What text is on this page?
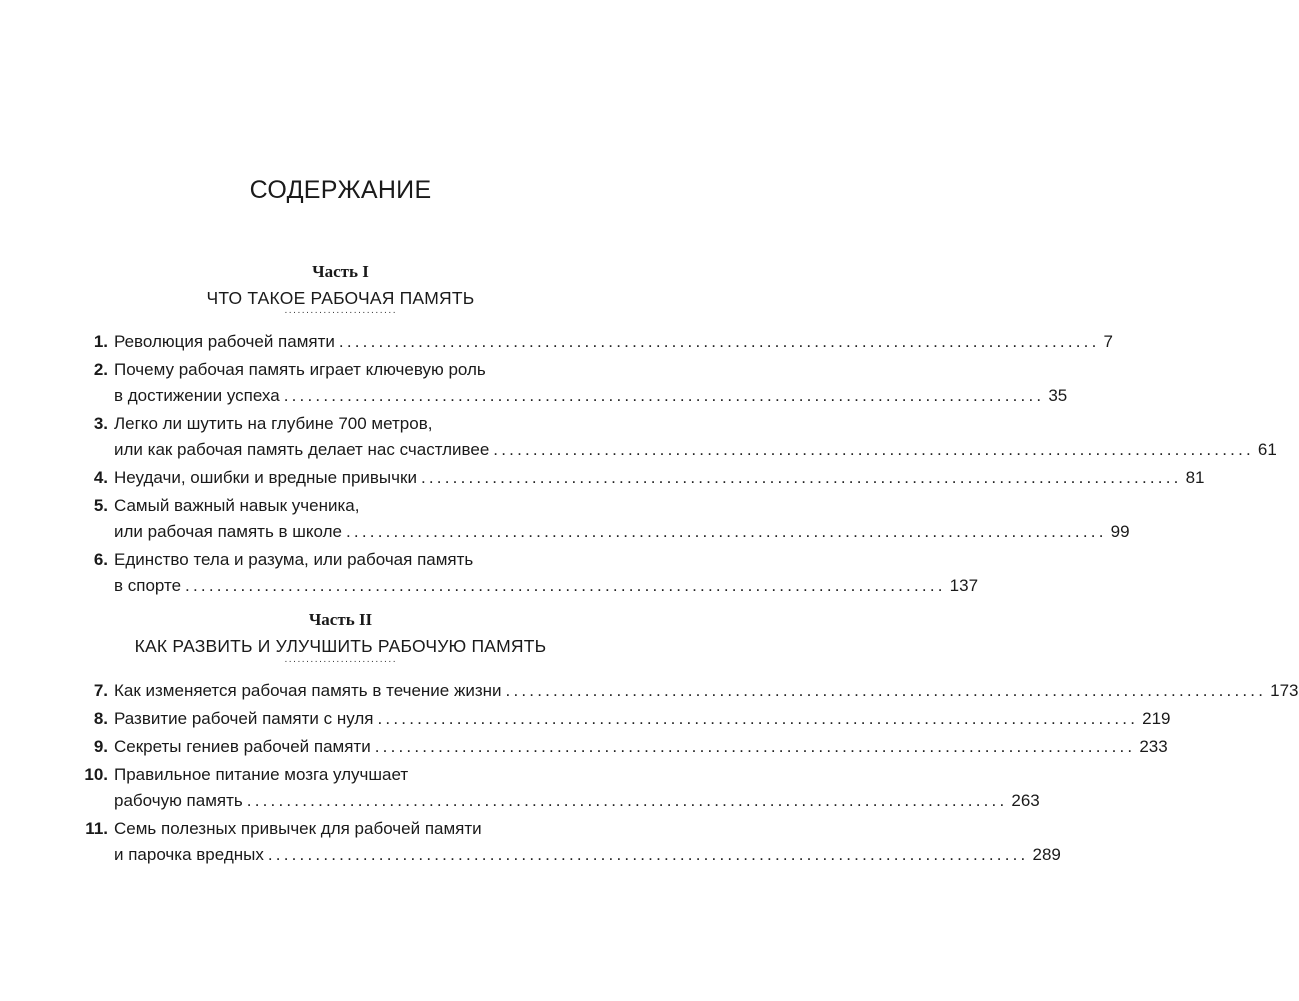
СОДЕРЖАНИЕ
Часть I
ЧТО ТАКОЕ РАБОЧАЯ ПАМЯТЬ
··························
1. Революция рабочей памяти ................................................................................................ 7
2. Почему рабочая память играет ключевую роль
в достижении успеха ................................................................................................ 35
3. Легко ли шутить на глубине 700 метров,
или как рабочая память делает нас счастливее ................................................................................................ 61
4. Неудачи, ошибки и вредные привычки ................................................................................................ 81
5. Самый важный навык ученика,
или рабочая память в школе ................................................................................................ 99
6. Единство тела и разума, или рабочая память
в спорте ................................................................................................ 137
Часть II
КАК РАЗВИТЬ И УЛУЧШИТЬ РАБОЧУЮ ПАМЯТЬ
··························
7. Как изменяется рабочая память в течение жизни ................................................................................................ 173
8. Развитие рабочей памяти с нуля ................................................................................................ 219
9. Секреты гениев рабочей памяти ................................................................................................ 233
10. Правильное питание мозга улучшает
рабочую память ................................................................................................ 263
11. Семь полезных привычек для рабочей памяти
и парочка вредных ................................................................................................ 289
